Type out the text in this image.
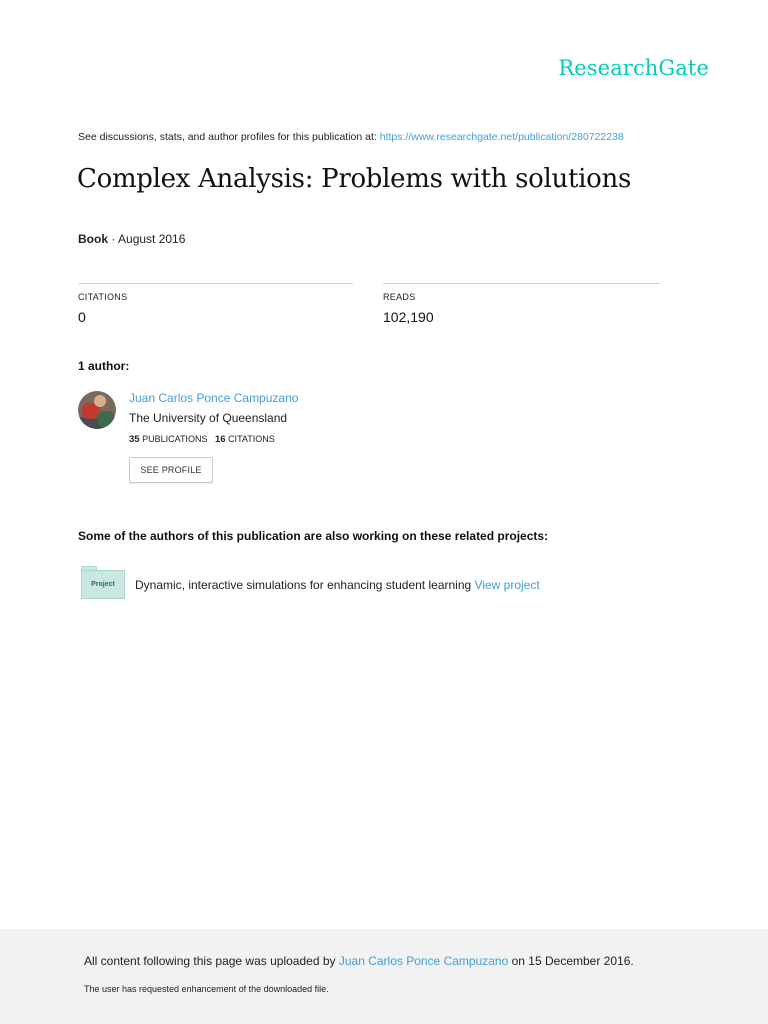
ResearchGate
See discussions, stats, and author profiles for this publication at: https://www.researchgate.net/publication/280722238
Complex Analysis: Problems with solutions
Book · August 2016
CITATIONS
0
READS
102,190
1 author:
Juan Carlos Ponce Campuzano
The University of Queensland
35 PUBLICATIONS 16 CITATIONS
SEE PROFILE
Some of the authors of this publication are also working on these related projects:
Project	Dynamic, interactive simulations for enhancing student learning View project
All content following this page was uploaded by Juan Carlos Ponce Campuzano on 15 December 2016.
The user has requested enhancement of the downloaded file.
